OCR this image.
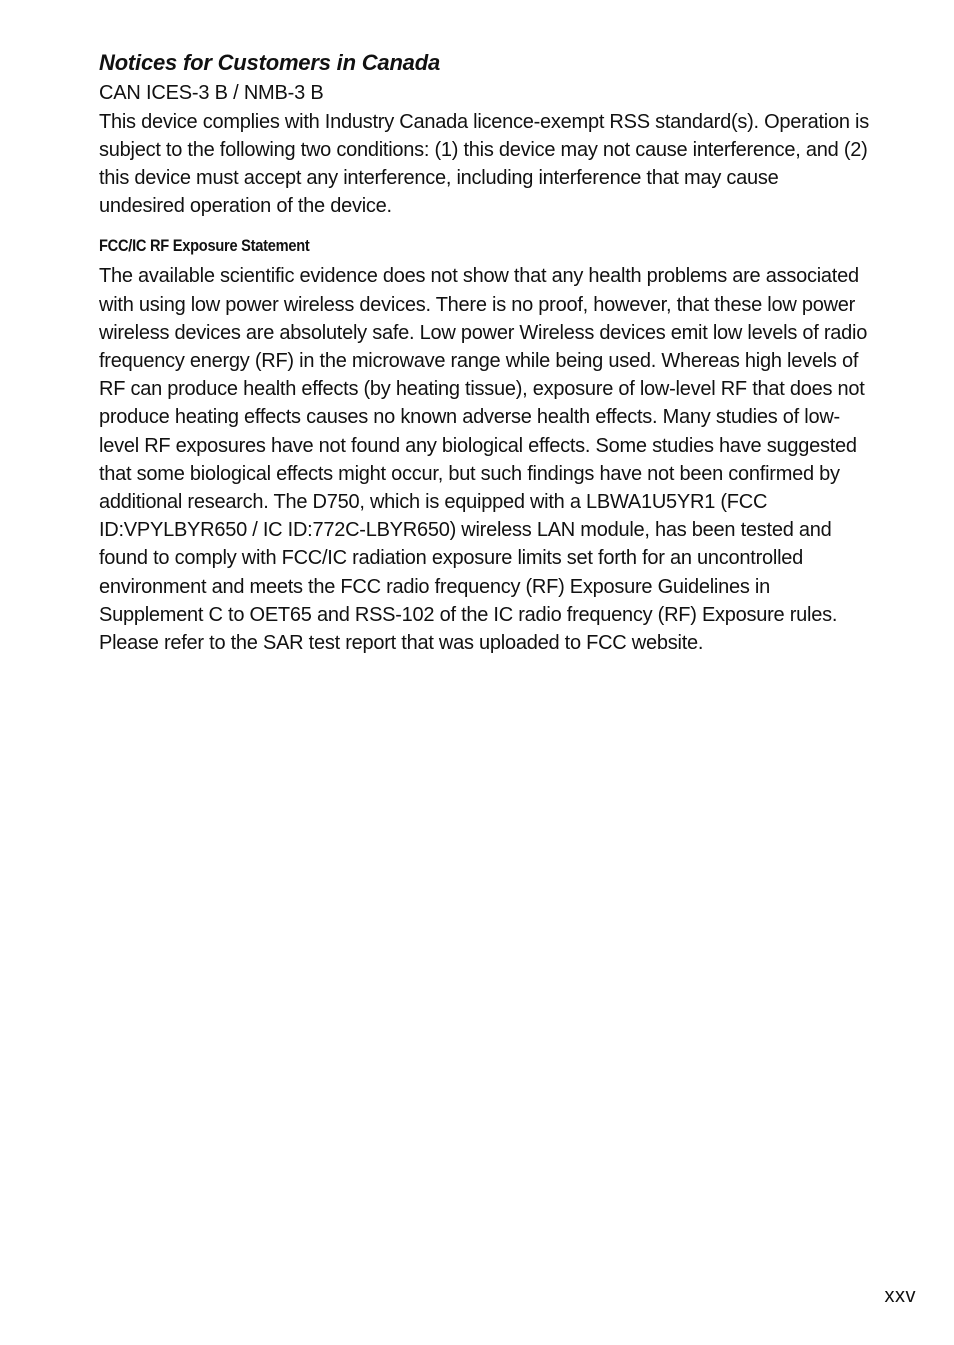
Notices for Customers in Canada

CAN ICES-3 B / NMB-3 B

This device complies with Industry Canada licence-exempt RSS standard(s). Operation is subject to the following two conditions: (1) this device may not cause interference, and (2) this device must accept any interference, including interference that may cause undesired operation of the device.

FCC/IC RF Exposure Statement

The available scientific evidence does not show that any health problems are associated with using low power wireless devices. There is no proof, however, that these low power wireless devices are absolutely safe. Low power Wireless devices emit low levels of radio frequency energy (RF) in the microwave range while being used. Whereas high levels of RF can produce health effects (by heating tissue), exposure of low-level RF that does not produce heating effects causes no known adverse health effects. Many studies of low-level RF exposures have not found any biological effects. Some studies have suggested that some biological effects might occur, but such findings have not been confirmed by additional research. The D750, which is equipped with a LBWA1U5YR1 (FCC ID:VPYLBYR650 / IC ID:772C-LBYR650) wireless LAN module, has been tested and found to comply with FCC/IC radiation exposure limits set forth for an uncontrolled environment and meets the FCC radio frequency (RF) Exposure Guidelines in Supplement C to OET65 and RSS-102 of the IC radio frequency (RF) Exposure rules. Please refer to the SAR test report that was uploaded to FCC website.

xxv
